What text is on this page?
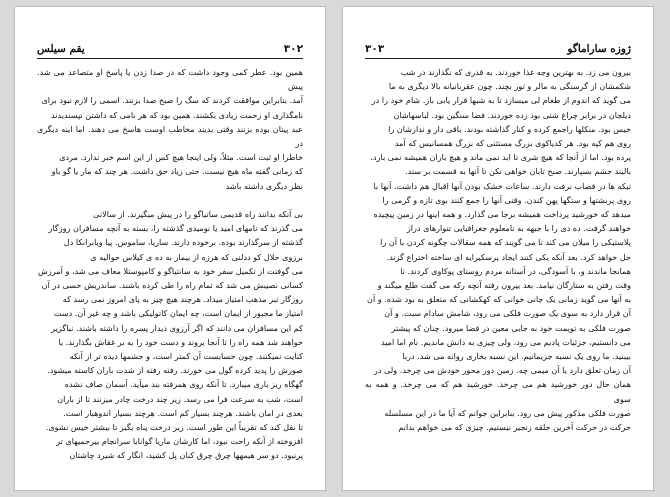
۳۰۲
یقم سیلس
همین بود. عطر کمی وجود داشت که در صدا زدن یا پاسخ او متصاعد می شد. پیش
آمد. بنابراین موافقت کردند که سگ را صبح صدا بزنند. اسمی را لازم نبود برای
نامگذاری او زحمت زیادی بکشند. همین بود که هر نامی که داشتن نپسندیدند
عبد پیتان بوده بزنند وقتی بدیند مخاطب اوست هاسخ می دهند. اما اینه دیگری در
خاطرا او ثبت است. مثلاً، ولی اینجا هیچ کس از این اسم خبر ندارد. مردی
که زمانی گفته ماه هیچ نیست. حتی زیاد حق داشت. هر چند که مار یا گو باو
نظر دیگری داشته باشد

بی آنکه بدانند راه قدیمی ساتیاگو را در پیش میگیرند. از سالانی
می گذرند که نامهای امید یا نومیدی گذشته را، بسته به آنچه مسافران روزگار
گذشته از سرگذارند بوده. برخوده دارند. ساریا، ساموس. پیا ویابرانکا دل
برزوی حلال کو ددلنی که هرزه از بیمار به ده ی کیلاس حوالیه ی
می گوفنت از تکمیل سفر خود به سانتیاگو و کامپوستلا معاف می شد، و آمرزش
کسانی نصیبش می شد که تمام راه را طی کرده باشند. ساندریش حسی در آن
روزگار تبر مذهب امتیاز میداد. هرچند هیچ چیز به پای امروز نمی رسد که
امتیاز ما مجبور از ایمان است، چه ایمان کاتولیکی باشد و چه غیر آن. دست
کم این مسافران می دانند که اگر آرزوی دیدار پسره را داشته باشند. نباگزیر
خواهند شد همه راه را تا آنجا بروند و دست خود را به بر غقاش بگذارند. یا
کنایت نمیکنند. چون حسابست آن کمتر است، و جشمها دیده تر از آنکه
صورش را پدید کرده گول می خورند. رفته رفته از شدت باران کاسته میشود.
گهگاه ریز باری میبارد. تا آنکه روی همرفته بند میآید. آسمان صاف نشده
است، شب به سرعت فرا می رسد. زیر چند درخت چادر میزنند تا از باران
بعدی در امان باشند. هرچند بسیار کم است. هرچند بسیار اندوهبار است.
تا نقل کند که تقریباً این طور است. زیر درخت پناه بگیر تا بیشتر خیس نشوی.
افزوخته از آنکه راحت نبود، اما کارشان ماریا گوانایا سرانجام بیرحمیهای تر
پرنبود. دو سر هیمهها چرق چرق کنان پل کشید، انگار که شیرد چاشتان
ژوزه ساراماگو
۳۰۳
بیرون می زد. به بهترین وجه غذا خوردند. به قدری که نگذارند در شب
شکمشان از گرسنگی به مالر و تور بچند. چون عقربانیانه بالا دیگری به ما
می گوید که اندوم از طعام لی میسازد تا به شبها قرار یابی باز. شام خود را در
دیلجان در برابر چراغ شتی بود زده خوردند. فضا سنگین بود. لباسهاشان
خیس بود. منکلها راجمع کرده و کنار گذاشته بودند. باقی دار و ندارشان را
روی هم کپه بود. هر کدیاکوی بزرگ مستثنی که بزرگ همسانیس که آمد
پرده بود. اما از آنجا که هیچ شری تا ابد نمی ماند و هیچ باران همیشه نمی بارد،
بالیند جشم بسپارند. صبح تابان خواهی نکن تا آنها به قسمت بر سند.
تیکه ها در قصاب نرفت دارند. ساعات خشک بودن آنها اقبال هم داشت. آنها با
روی پربشتها و ستگها پهن کندن. وقتی آنها را جمع کنند بوی تازه و گرمی را
میدهد که خورشید پرداخت همیشه برجا می گذارد. و همه اینها در زمین پیچیده
خواهند گرفت. ده دی را با جبهه به نامعلوم جغرافیایی تنوارهای دراز
پلاستیکی را میلان می کند تا می گویند که همه سقالات چگونه کردن با آن را
حل خواهد کرد. بعد آنکه یکی کنند ایجاد پرسکیرایه ای ساخته اختراع گزند.
همانجا ماندند و، با آسودگی، در آستانه مردم روستای پوکاوی کردند. تا
وقت رفتن به ستارگان نیامد. بعد بیرون رفته آنچه رکه می گفت طلع میگند و
به آنها می گوید زمانی یک جانی خوانی که کهکشانی که متعلق به بود شده. و آن
آن قرار دارد به سوی یک صورت فلکی می رود، شامش سادام سبت. و آن
صورت فلکی به تویمت خود به جایی معین در فضا میرود. چنان که پیشتر
می دانستیم، جزئیات پادیم می رود، ولی چیزی به دانش ماندیم. نام اما امید
بیبنید. ما روی یک نسبه جزیمانیم. این نسبه بخاری روانه می شد. دربا
آن زمان تعلق دارد یا آن میمی چه. زمین دور محور خودش می چرخد. ولی در
همان حال دور خورشید هم می چرخد. خورشید هم که می چرخد. و همه به سوی
صورت فلکی مذکور پیش می رود. بنابراین جوانم که آیا ما در این مسلسله
حرکت در حرکت آخرین حلقه زنجیر نیستیم. چیزی که می خواهم بدانم
